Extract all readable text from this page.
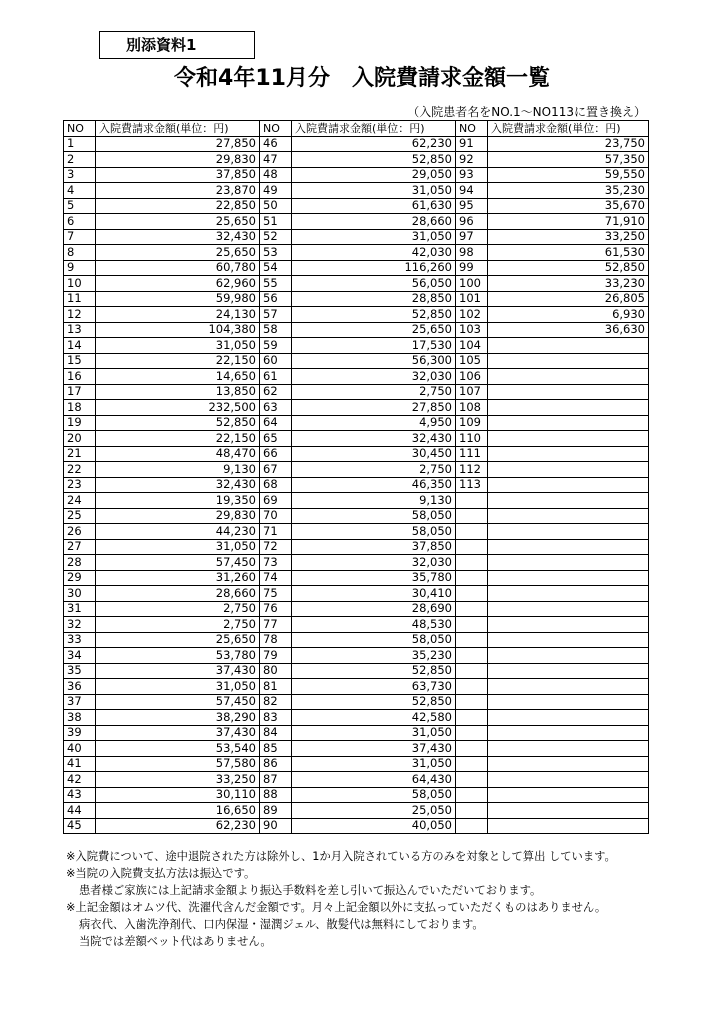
別添資料1
令和4年11月分　入院費請求金額一覧
（入院患者名をNO.1～NO113に置き換え）
NO	入院費請求金額(単位：円)	NO	入院費請求金額(単位：円)	NO	入院費請求金額(単位：円)
1	27,850	46	62,230	91	23,750
2	29,830	47	52,850	92	57,350
3	37,850	48	29,050	93	59,550
4	23,870	49	31,050	94	35,230
5	22,850	50	61,630	95	35,670
6	25,650	51	28,660	96	71,910
7	32,430	52	31,050	97	33,250
8	25,650	53	42,030	98	61,530
9	60,780	54	116,260	99	52,850
10	62,960	55	56,050	100	33,230
11	59,980	56	28,850	101	26,805
12	24,130	57	52,850	102	6,930
13	104,380	58	25,650	103	36,630
14	31,050	59	17,530	104	
15	22,150	60	56,300	105	
16	14,650	61	32,030	106	
17	13,850	62	2,750	107	
18	232,500	63	27,850	108	
19	52,850	64	4,950	109	
20	22,150	65	32,430	110	
21	48,470	66	30,450	111	
22	9,130	67	2,750	112	
23	32,430	68	46,350	113	
24	19,350	69	9,130		
25	29,830	70	58,050		
26	44,230	71	58,050		
27	31,050	72	37,850		
28	57,450	73	32,030		
29	31,260	74	35,780		
30	28,660	75	30,410		
31	2,750	76	28,690		
32	2,750	77	48,530		
33	25,650	78	58,050		
34	53,780	79	35,230		
35	37,430	80	52,850		
36	31,050	81	63,730		
37	57,450	82	52,850		
38	38,290	83	42,580		
39	37,430	84	31,050		
40	53,540	85	37,430		
41	57,580	86	31,050		
42	33,250	87	64,430		
43	30,110	88	58,050		
44	16,650	89	25,050		
45	62,230	90	40,050		
※入院費について、途中退院された方は除外し、1か月入院されている方のみを対象として算出 しています。
※当院の入院費支払方法は振込です。
患者様ご家族には上記請求金額より振込手数料を差し引いて振込んでいただいております。
※上記金額はオムツ代、洗濯代含んだ金額です。月々上記金額以外に支払っていただくものはありません。
病衣代、入歯洗浄剤代、口内保湿・湿潤ジェル、散髪代は無料にしております。
当院では差額ベット代はありません。
